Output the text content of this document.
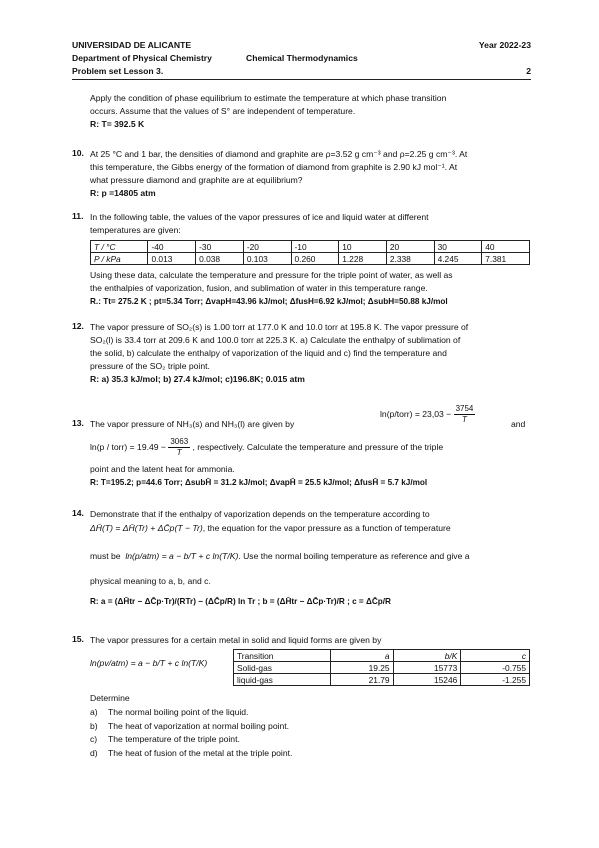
UNIVERSIDAD DE ALICANTE	Year 2022-23
Department of Physical Chemistry	Chemical Thermodynamics
Problem set Lesson 3.	2
Apply the condition of phase equilibrium to estimate the temperature at which phase transition
occurs. Assume that the values of S° are independent of temperature.
R: T= 392.5 K
10. At 25 °C and 1 bar, the densities of diamond and graphite are ρ=3.52 g cm⁻³ and ρ=2.25 g cm⁻³. At
this temperature, the Gibbs energy of the formation of diamond from graphite is 2.90 kJ mol⁻¹. At
what pressure diamond and graphite are at equilibrium?
R: p =14805 atm
11. In the following table, the values of the vapor pressures of ice and liquid water at different
temperatures are given:
T / °C	-40	-30	-20	-10	10	20	30	40
P / kPa	0.013	0.038	0.103	0.260	1.228	2.338	4.245	7.381
Using these data, calculate the temperature and pressure for the triple point of water, as well as
the enthalpies of vaporization, fusion, and sublimation of water in this temperature range.
R.: Tt= 275.2 K ; pt=5.34 Torr; ΔvapH=43.96 kJ/mol; ΔfusH=6.92 kJ/mol; ΔsubH=50.88 kJ/mol
12. The vapor pressure of SO₂(s) is 1.00 torr at 177.0 K and 10.0 torr at 195.8 K. The vapor pressure of
SO₂(l) is 33.4 torr at 209.6 K and 100.0 torr at 225.3 K. a) Calculate the enthalpy of sublimation of
the solid, b) calculate the enthalpy of vaporization of the liquid and c) find the temperature and
pressure of the SO₂ triple point.
R: a) 35.3 kJ/mol; b) 27.4 kJ/mol; c)196.8K; 0.015 atm
13. The vapor pressure of NH₃(s) and NH₃(l) are given by
ln(p/torr) = $23,03 - \frac{3754}{T}$	and
ln(p / torr) = $19.49 - \frac{3063}{T}$ , respectively. Calculate the temperature and pressure of the triple
point and the latent heat for ammonia.
R: T=195.2; p=44.6 Torr; ΔsubH̄ = 31.2 kJ/mol; ΔvapH̄ = 25.5 kJ/mol; ΔfusH̄ = 5.7 kJ/mol
14. Demonstrate that if the enthalpy of vaporization depends on the temperature according to
ΔH̄(T) = ΔH̄(Tr) + ΔC̄p(T − Tr), the equation for the vapor pressure as a function of temperature
must be ln(p/atm) = a − b/T + c ln(T/K). Use the normal boiling temperature as reference and give a
physical meaning to a, b, and c.
R: a = (ΔH̄tr − ΔC̄p·Tr)/(RTr) − (ΔC̄p/R) ln Tr ; b = (ΔH̄tr − ΔC̄p·Tr)/R ; c = ΔC̄p/R
15. The vapor pressures for a certain metal in solid and liquid forms are given by
ln(pv/atm) = a − b/T + c ln(T/K)
Transition	a	b/K	c
Solid-gas	19.25	15773	-0.755
liquid-gas	21.79	15246	-1.255
Determine
a) The normal boiling point of the liquid.
b) The heat of vaporization at normal boiling point.
c) The temperature of the triple point.
d) The heat of fusion of the metal at the triple point.
